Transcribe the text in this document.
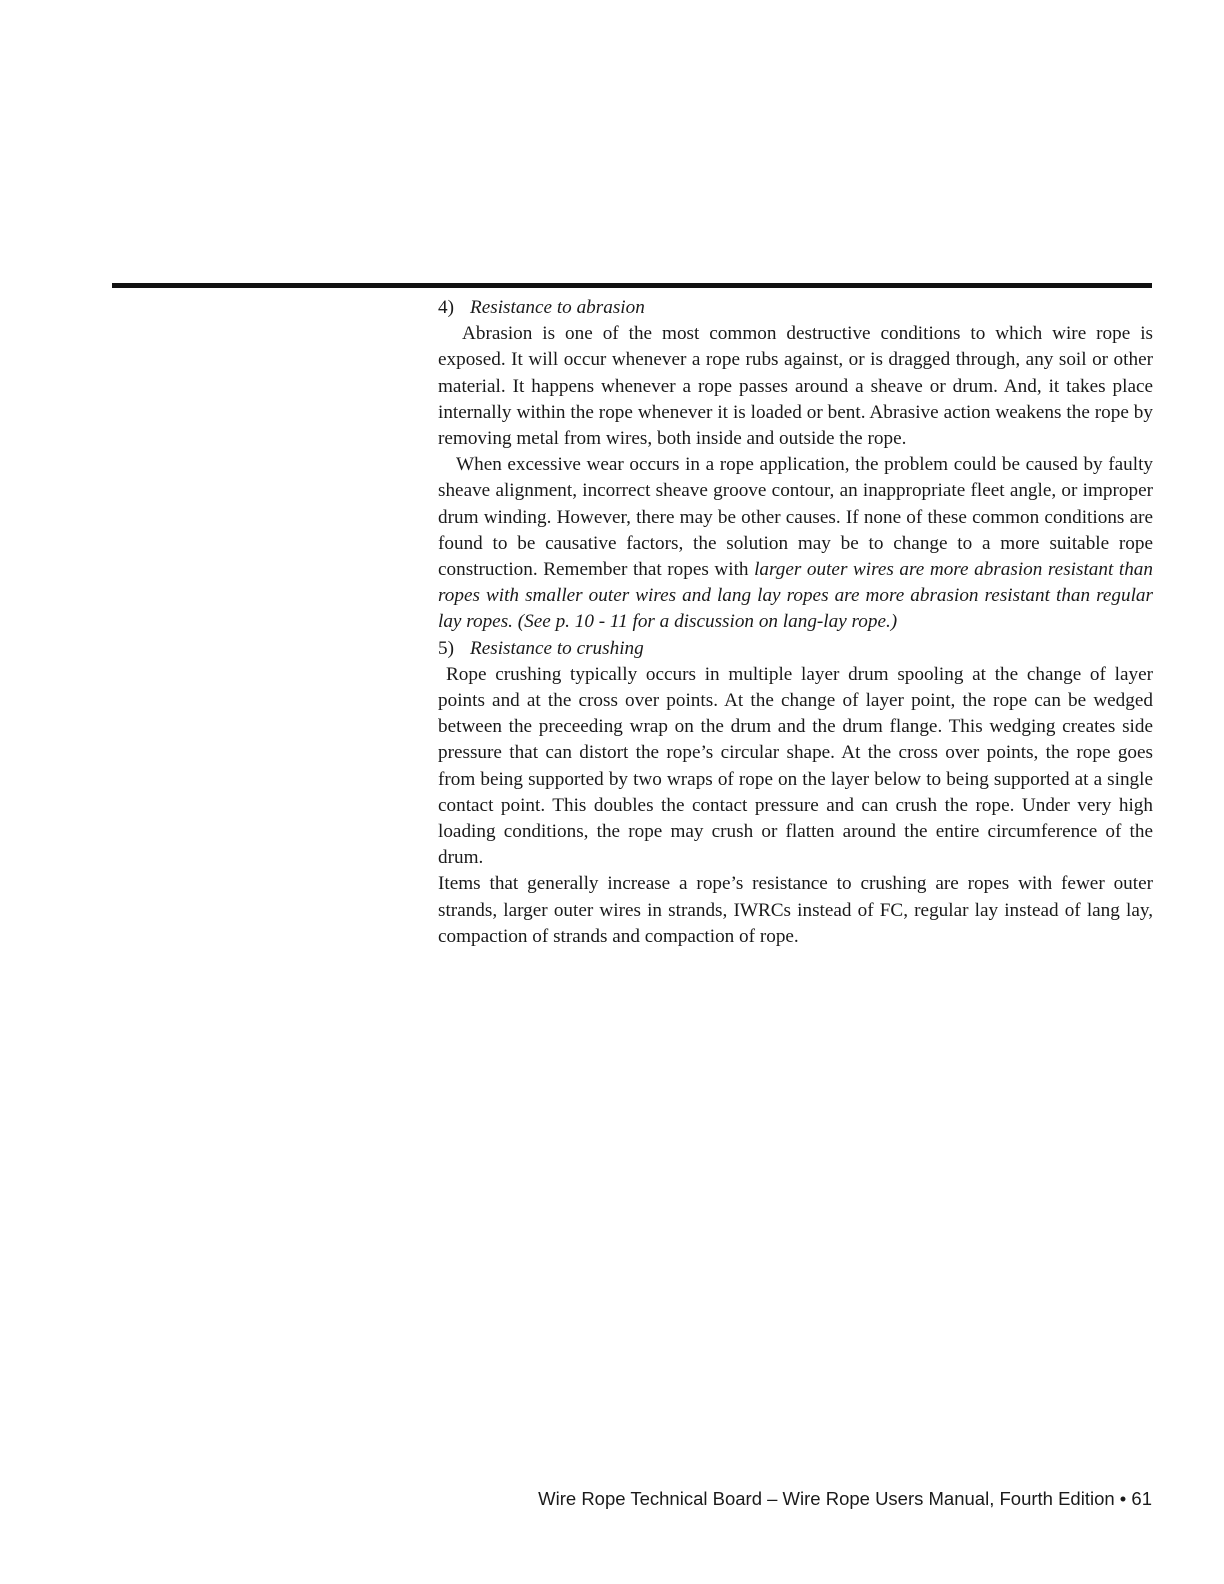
4) Resistance to abrasion

Abrasion is one of the most common destructive conditions to which wire rope is exposed. It will occur whenever a rope rubs against, or is dragged through, any soil or other material. It happens whenever a rope passes around a sheave or drum. And, it takes place internally within the rope whenever it is loaded or bent. Abrasive action weakens the rope by removing metal from wires, both inside and outside the rope.

When excessive wear occurs in a rope application, the problem could be caused by faulty sheave alignment, incorrect sheave groove contour, an inappropriate fleet angle, or improper drum winding. However, there may be other causes. If none of these common conditions are found to be causative factors, the solution may be to change to a more suitable rope construction. Remember that ropes with larger outer wires are more abrasion resistant than ropes with smaller outer wires and lang lay ropes are more abrasion resistant than regular lay ropes. (See p. 10 - 11 for a discussion on lang-lay rope.)

5) Resistance to crushing

Rope crushing typically occurs in multiple layer drum spooling at the change of layer points and at the cross over points. At the change of layer point, the rope can be wedged between the preceeding wrap on the drum and the drum flange. This wedging creates side pressure that can distort the rope’s circular shape. At the cross over points, the rope goes from being supported by two wraps of rope on the layer below to being supported at a single contact point. This doubles the contact pressure and can crush the rope. Under very high loading conditions, the rope may crush or flatten around the entire circumference of the drum.

Items that generally increase a rope’s resistance to crushing are ropes with fewer outer strands, larger outer wires in strands, IWRCs instead of FC, regular lay instead of lang lay, compaction of strands and compaction of rope.

Wire Rope Technical Board – Wire Rope Users Manual, Fourth Edition • 61
